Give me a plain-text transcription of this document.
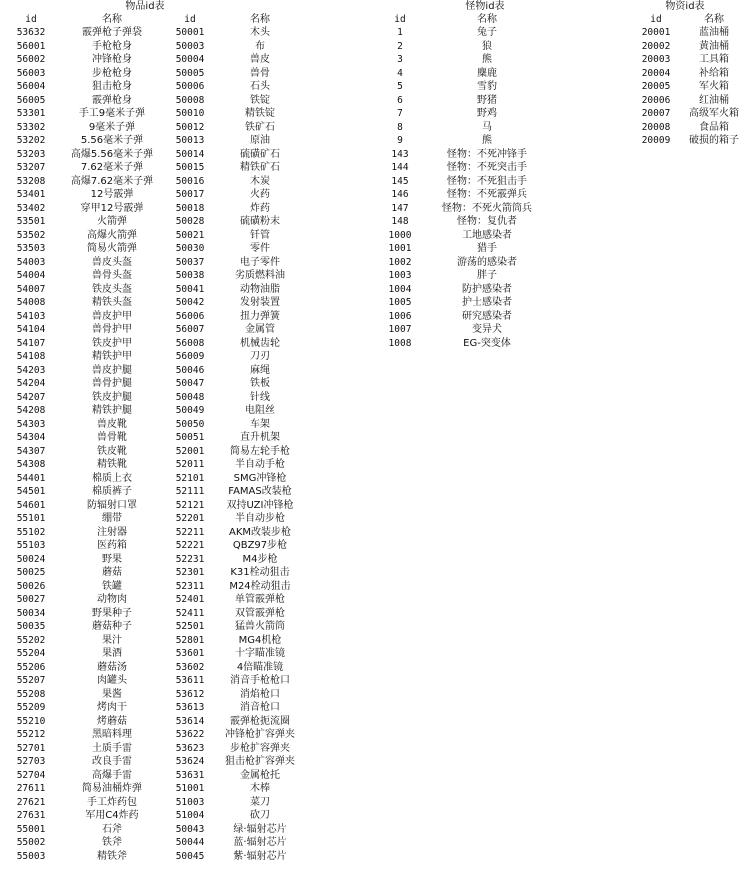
物品id表
id	名称	id	名称
53632	霰弹枪子弹袋	50001	木头
56001	手枪枪身	50003	布
56002	冲锋枪身	50004	兽皮
56003	步枪枪身	50005	兽骨
56004	狙击枪身	50006	石头
56005	霰弹枪身	50008	铁锭
53301	手工9毫米子弹	50010	精铁锭
53302	9毫米子弹	50012	铁矿石
53202	5.56毫米子弹	50013	原油
53203	高爆5.56毫米子弹	50014	硫磺矿石
53207	7.62毫米子弹	50015	精铁矿石
53208	高爆7.62毫米子弹	50016	木炭
53401	12号霰弹	50017	火药
53402	穿甲12号霰弹	50018	炸药
53501	火箭弹	50028	硫磺粉末
53502	高爆火箭弹	50021	钎管
53503	简易火箭弹	50030	零件
54003	兽皮头盔	50037	电子零件
54004	兽骨头盔	50038	劣质燃料油
54007	铁皮头盔	50041	动物油脂
54008	精铁头盔	50042	发射装置
54103	兽皮护甲	56006	扭力弹簧
54104	兽骨护甲	56007	金属管
54107	铁皮护甲	56008	机械齿轮
54108	精铁护甲	56009	刀刃
54203	兽皮护腿	50046	麻绳
54204	兽骨护腿	50047	铁板
54207	铁皮护腿	50048	针线
54208	精铁护腿	50049	电阻丝
54303	兽皮靴	50050	车架
54304	兽骨靴	50051	直升机架
54307	铁皮靴	52001	简易左轮手枪
54308	精铁靴	52011	半自动手枪
54401	棉质上衣	52101	SMG冲锋枪
54501	棉质裤子	52111	FAMAS改装枪
54601	防辐射口罩	52121	双持UZI冲锋枪
55101	绷带	52201	半自动步枪
55102	注射器	52211	AKM改装步枪
55103	医药箱	52221	QBZ97步枪
50024	野果	52231	M4步枪
50025	蘑菇	52301	K31栓动狙击
50026	铁罐	52311	M24栓动狙击
50027	动物肉	52401	单管霰弹枪
50034	野果种子	52411	双管霰弹枪
50035	蘑菇种子	52501	猛兽火箭筒
55202	果汁	52801	MG4机枪
55204	果酒	53601	十字瞄准镜
55206	蘑菇汤	53602	4倍瞄准镜
55207	肉罐头	53611	消音手枪枪口
55208	果酱	53612	消焰枪口
55209	烤肉干	53613	消音枪口
55210	烤蘑菇	53614	霰弹枪扼流圈
55212	黑暗料理	53622	冲锋枪扩容弹夹
52701	土质手雷	53623	步枪扩容弹夹
52703	改良手雷	53624	狙击枪扩容弹夹
52704	高爆手雷	53631	金属枪托
27611	简易油桶炸弹	51001	木棒
27621	手工炸药包	51003	菜刀
27631	军用C4炸药	51004	砍刀
55001	石斧	50043	绿·辐射芯片
55002	铁斧	50044	蓝·辐射芯片
55003	精铁斧	50045	紫·辐射芯片
怪物id表
id	名称
1	兔子
2	狼
3	熊
4	麋鹿
5	雪豹
6	野猪
7	野鸡
8	马
9	熊
143	怪物：不死冲锋手
144	怪物：不死突击手
145	怪物：不死狙击手
146	怪物：不死霰弹兵
147	怪物：不死火箭筒兵
148	怪物：复仇者
1000	工地感染者
1001	猎手
1002	游荡的感染者
1003	胖子
1004	防护感染者
1005	护士感染者
1006	研究感染者
1007	变异犬
1008	EG-突变体
物资id表
id	名称
20001	蓝油桶
20002	黄油桶
20003	工具箱
20004	补给箱
20005	军火箱
20006	红油桶
20007	高级军火箱
20008	食品箱
20009	破损的箱子
